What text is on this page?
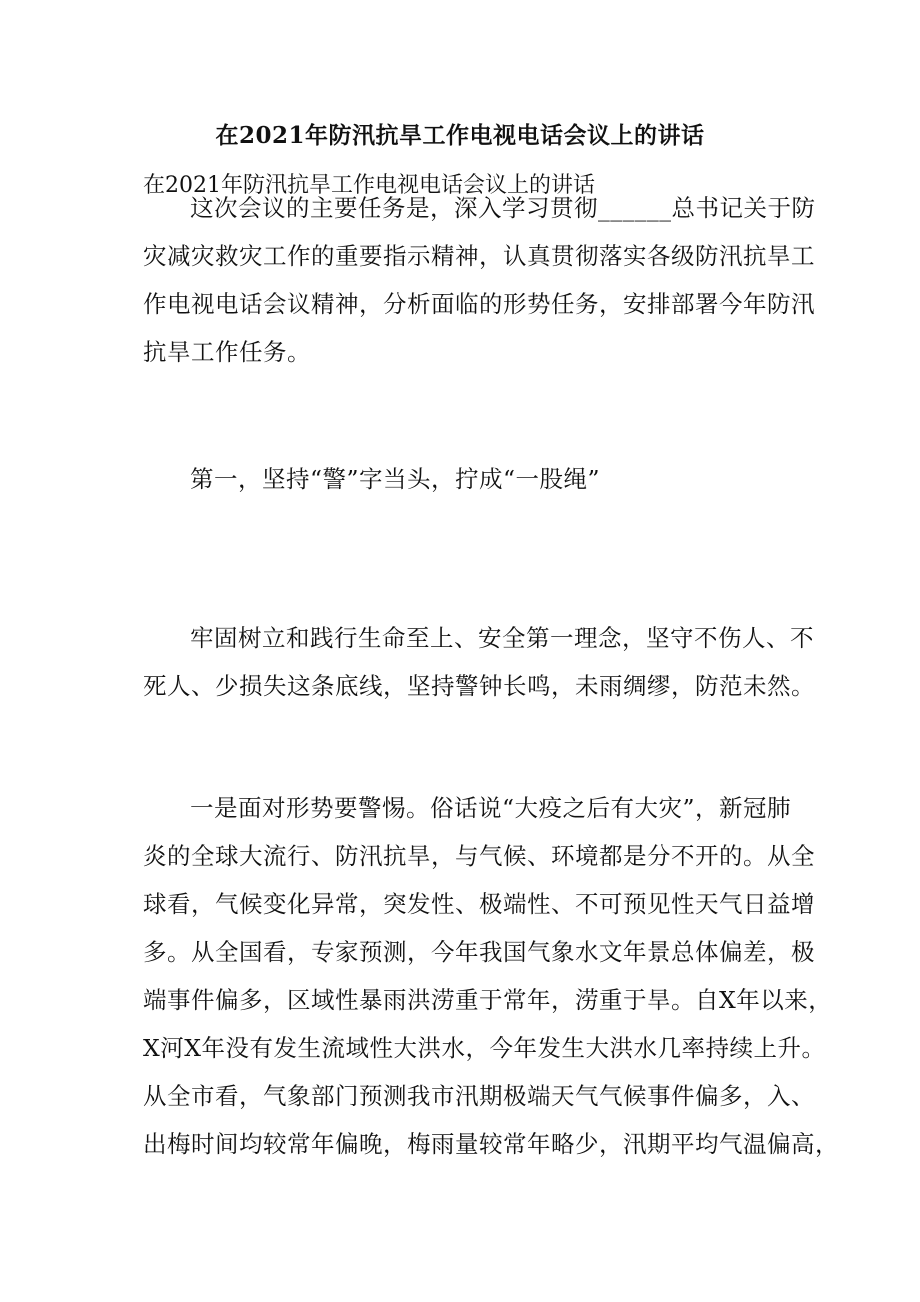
在2021年防汛抗旱工作电视电话会议上的讲话

在2021年防汛抗旱工作电视电话会议上的讲话

这次会议的主要任务是，深入学习贯彻______总书记关于防
灾减灾救灾工作的重要指示精神，认真贯彻落实各级防汛抗旱工
作电视电话会议精神，分析面临的形势任务，安排部署今年防汛
抗旱工作任务。

第一，坚持“警”字当头，拧成“一股绳”

牢固树立和践行生命至上、安全第一理念，坚守不伤人、不
死人、少损失这条底线，坚持警钟长鸣，未雨绸缪，防范未然。

一是面对形势要警惕。俗话说“大疫之后有大灾”，新冠肺
炎的全球大流行、防汛抗旱，与气候、环境都是分不开的。从全
球看，气候变化异常，突发性、极端性、不可预见性天气日益增
多。从全国看，专家预测，今年我国气象水文年景总体偏差，极
端事件偏多，区域性暴雨洪涝重于常年，涝重于旱。自X年以来，
X河X年没有发生流域性大洪水，今年发生大洪水几率持续上升。
从全市看，气象部门预测我市汛期极端天气气候事件偏多，入、
出梅时间均较常年偏晚，梅雨量较常年略少，汛期平均气温偏高，
